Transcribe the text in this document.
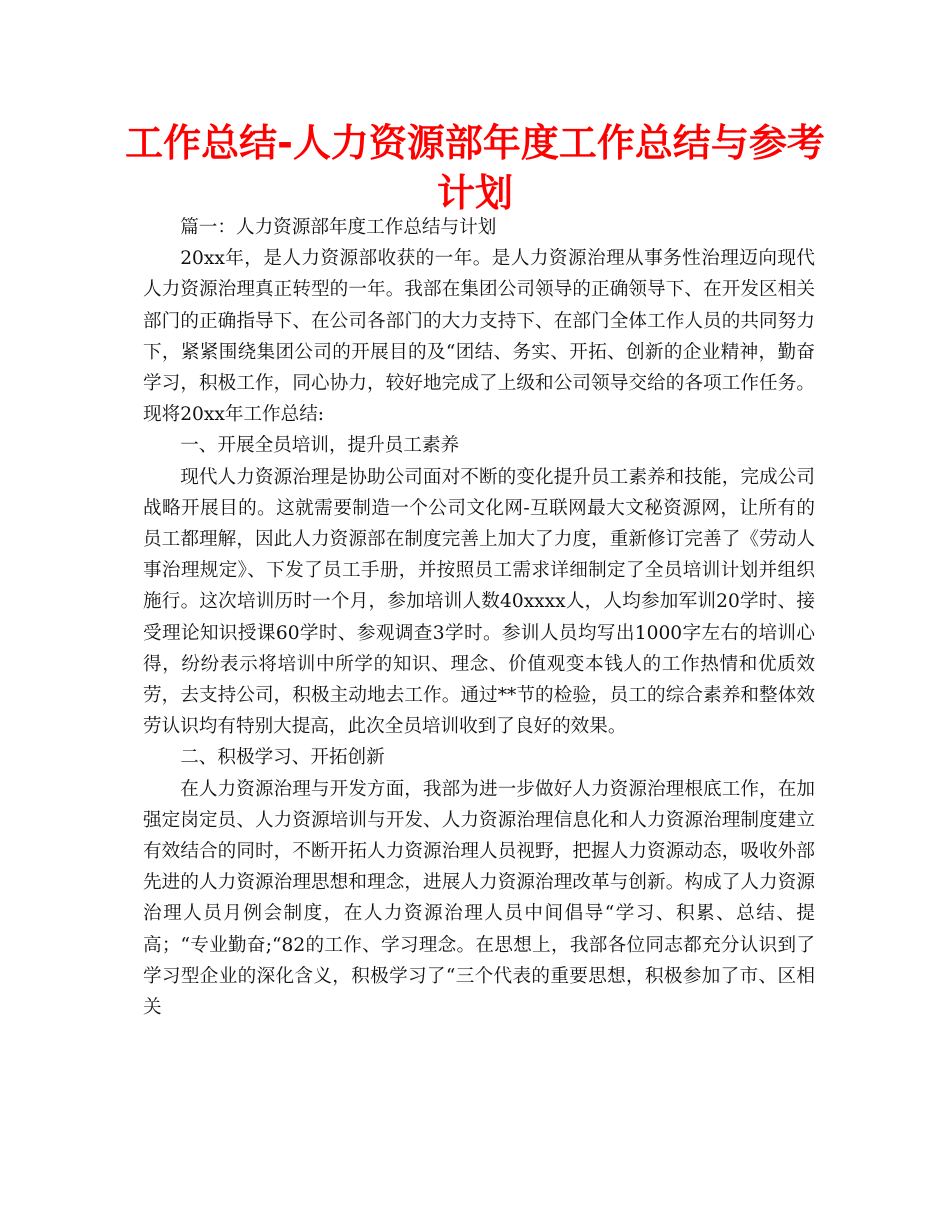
工作总结-人力资源部年度工作总结与参考计划

篇一：人力资源部年度工作总结与计划

20xx年，是人力资源部收获的一年。是人力资源治理从事务性治理迈向现代人力资源治理真正转型的一年。我部在集团公司领导的正确领导下、在开发区相关部门的正确指导下、在公司各部门的大力支持下、在部门全体工作人员的共同努力下，紧紧围绕集团公司的开展目的及“团结、务实、开拓、创新的企业精神，勤奋学习，积极工作，同心协力，较好地完成了上级和公司领导交给的各项工作任务。现将20xx年工作总结:

一、开展全员培训，提升员工素养

现代人力资源治理是协助公司面对不断的变化提升员工素养和技能，完成公司战略开展目的。这就需要制造一个公司文化网-互联网最大文秘资源网，让所有的员工都理解，因此人力资源部在制度完善上加大了力度，重新修订完善了《劳动人事治理规定》、下发了员工手册，并按照员工需求详细制定了全员培训计划并组织施行。这次培训历时一个月，参加培训人数40xxxx人，人均参加军训20学时、接受理论知识授课60学时、参观调查3学时。参训人员均写出1000字左右的培训心得，纷纷表示将培训中所学的知识、理念、价值观变本钱人的工作热情和优质效劳，去支持公司，积极主动地去工作。通过**节的检验，员工的综合素养和整体效劳认识均有特别大提高，此次全员培训收到了良好的效果。

二、积极学习、开拓创新

在人力资源治理与开发方面，我部为进一步做好人力资源治理根底工作，在加强定岗定员、人力资源培训与开发、人力资源治理信息化和人力资源治理制度建立有效结合的同时，不断开拓人力资源治理人员视野，把握人力资源动态，吸收外部先进的人力资源治理思想和理念，进展人力资源治理改革与创新。构成了人力资源治理人员月例会制度，在人力资源治理人员中间倡导“学习、积累、总结、提高；“专业勤奋;“82的工作、学习理念。在思想上，我部各位同志都充分认识到了学习型企业的深化含义，积极学习了“三个代表的重要思想，积极参加了市、区相关
